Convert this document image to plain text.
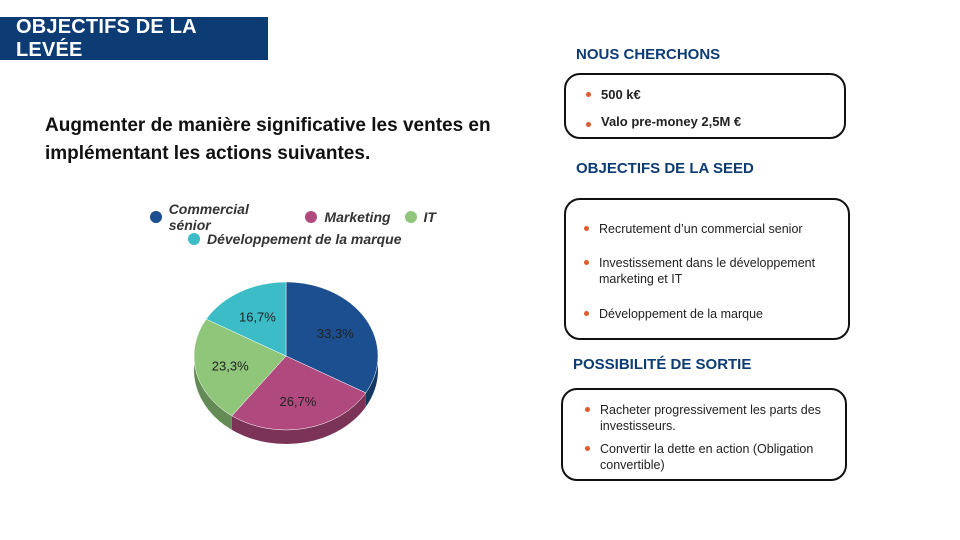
OBJECTIFS DE LA LEVÉE
Augmenter de manière significative les ventes en implémentant les actions suivantes.
Commercial sénior	Marketing IT
Développement de la marque
33,3%
26,7%
23,3%
16,7%
NOUS CHERCHONS
500 k€
Valo pre-money 2,5M €
OBJECTIFS DE LA SEED
Recrutement d’un commercial senior
Investissement dans le développement marketing et IT
Développement de la marque
POSSIBILITÉ DE SORTIE
Racheter progressivement les parts des investisseurs.
Convertir la dette en action (Obligation convertible)
